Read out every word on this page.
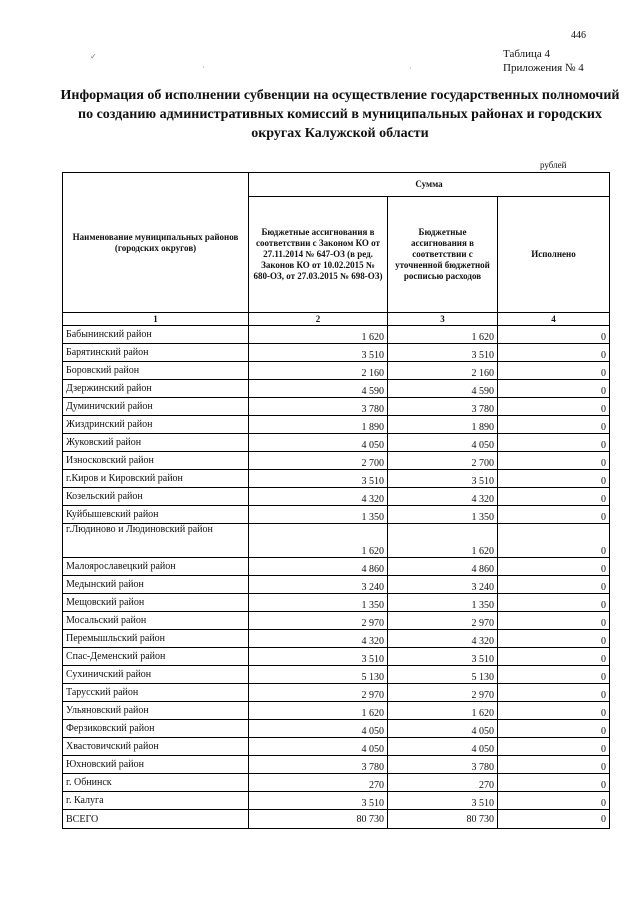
446
Таблица 4
Приложения № 4
✓
·	·
Информация об исполнении субвенции на осуществление государственных полномочий по созданию административных комиссий в муниципальных районах и городских округах Калужской области
рублей
Наименование муниципальных районов (городских округов)	Сумма		
	Бюджетные ассигнования в соответствии с Законом КО от 27.11.2014 № 647-ОЗ (в ред. Законов КО от 10.02.2015 № 680-ОЗ, от 27.03.2015 № 698-ОЗ)	Бюджетные ассигнования в соответствии с уточненной бюджетной росписью расходов	Исполнено
1	2	3	4
Бабынинский район	1 620	1 620	0
Барятинский район	3 510	3 510	0
Боровский район	2 160	2 160	0
Дзержинский район	4 590	4 590	0
Думиничский район	3 780	3 780	0
Жиздринский район	1 890	1 890	0
Жуковский район	4 050	4 050	0
Износковский район	2 700	2 700	0
г.Киров и Кировский район	3 510	3 510	0
Козельский район	4 320	4 320	0
Куйбышевский район	1 350	1 350	0
г.Людиново и Людиновский район	1 620	1 620	0
Малоярославецкий район	4 860	4 860	0
Медынский район	3 240	3 240	0
Мещовский район	1 350	1 350	0
Мосальский район	2 970	2 970	0
Перемышльский район	4 320	4 320	0
Спас-Деменский район	3 510	3 510	0
Сухиничский район	5 130	5 130	0
Тарусский район	2 970	2 970	0
Ульяновский район	1 620	1 620	0
Ферзиковский район	4 050	4 050	0
Хвастовичский район	4 050	4 050	0
Юхновский район	3 780	3 780	0
г. Обнинск	270	270	0
г. Калуга	3 510	3 510	0
ВСЕГО	80 730	80 730	0
